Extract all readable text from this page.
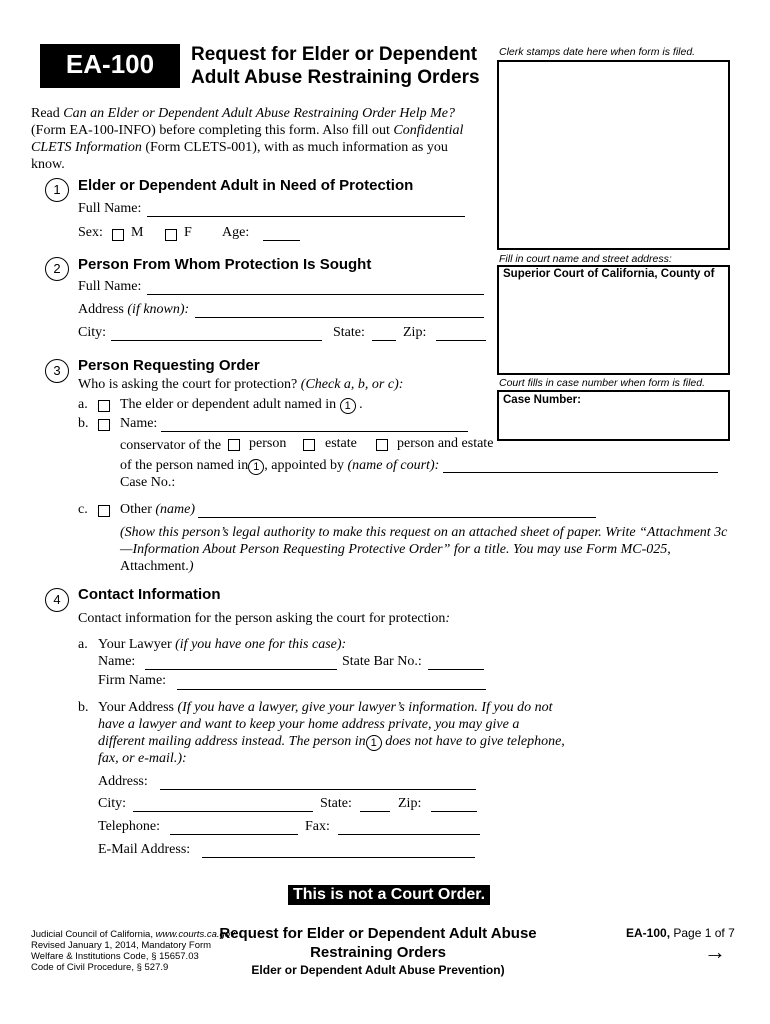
EA-100	Request for Elder or Dependent
Adult Abuse Restraining Orders
Clerk stamps date here when form is filed.
Read Can an Elder or Dependent Adult Abuse Restraining Order Help Me?
(Form EA-100-INFO) before completing this form. Also fill out Confidential
CLETS Information (Form CLETS-001), with as much information as you
know.
Fill in court name and street address:
Superior Court of California, County of
Court fills in case number when form is filed.
Case Number:
1	Elder or Dependent Adult in Need of Protection
Full Name:
Sex: M	F Age:
2	Person From Whom Protection Is Sought
Full Name:
Address (if known):
City:	State:	Zip:
3	Person Requesting Order
Who is asking the court for protection? (Check a, b, or c):
a. The elder or dependent adult named in 1 .
b. Name:
conservator of the person	estate	person and estate
of the person named in 1 , appointed by (name of court):
Case No.:
c. Other (name)
(Show this person’s legal authority to make this request on an attached sheet of paper. Write “Attachment 3c
—Information About Person Requesting Protective Order” for a title. You may use Form MC-025,
Attachment.)
4	Contact Information
Contact information for the person asking the court for protection:
a. Your Lawyer (if you have one for this case):
Name:	State Bar No.:
Firm Name:
b. Your Address (If you have a lawyer, give your lawyer’s information. If you do not
have a lawyer and want to keep your home address private, you may give a
different mailing address instead. The person in 1 does not have to give telephone,
fax, or e-mail.):
Address:
City:	State:	Zip:
Telephone:	Fax:
E-Mail Address:
This is not a Court Order.
Judicial Council of California, www.courts.ca.gov
Revised January 1, 2014, Mandatory Form
Welfare & Institutions Code, § 15657.03
Code of Civil Procedure, § 527.9
Request for Elder or Dependent Adult Abuse
Restraining Orders
Elder or Dependent Adult Abuse Prevention)
EA-100, Page 1 of 7
→
